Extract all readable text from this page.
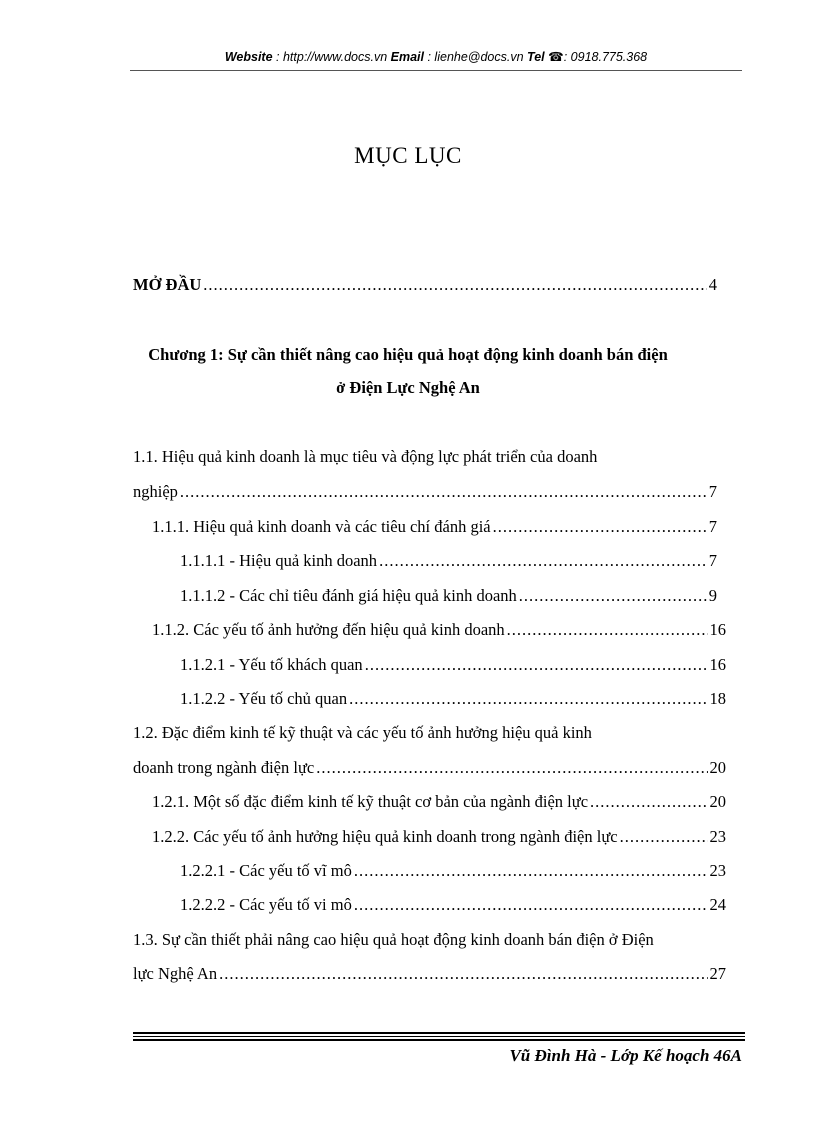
Website : http://www.docs.vn Email : lienhe@docs.vn Tel ☎: 0918.775.368
MỤC LỤC
MỞ ĐẦU .....	4
Chương 1: Sự cần thiết nâng cao hiệu quả hoạt động kinh doanh bán điện
ở Điện Lực Nghệ An
1.1. Hiệu quả kinh doanh là mục tiêu và động lực phát triển của doanh
nghiệp .....	7
1.1.1. Hiệu quả kinh doanh và các tiêu chí đánh giá .....	7
1.1.1.1 - Hiệu quả kinh doanh .....	7
1.1.1.2 - Các chỉ tiêu đánh giá hiệu quả kinh doanh .....	9
1.1.2. Các yếu tố ảnh hưởng đến hiệu quả kinh doanh .....	16
1.1.2.1 - Yếu tố khách quan .....	16
1.1.2.2 - Yếu tố chủ quan .....	18
1.2. Đặc điểm kinh tế kỹ thuật và các yếu tố ảnh hưởng hiệu quả kinh
doanh trong ngành điện lực .....	20
1.2.1. Một số đặc điểm kinh tế kỹ thuật cơ bản của ngành điện lực .....	20
1.2.2. Các yếu tố ảnh hưởng hiệu quả kinh doanh trong ngành điện lực .....	23
1.2.2.1 - Các yếu tố vĩ mô .....	23
1.2.2.2 - Các yếu tố vi mô .....	24
1.3. Sự cần thiết phải nâng cao hiệu quả hoạt động kinh doanh bán điện ở Điện
lực Nghệ An .....	27
Vũ Đình Hà - Lớp Kế hoạch 46A
